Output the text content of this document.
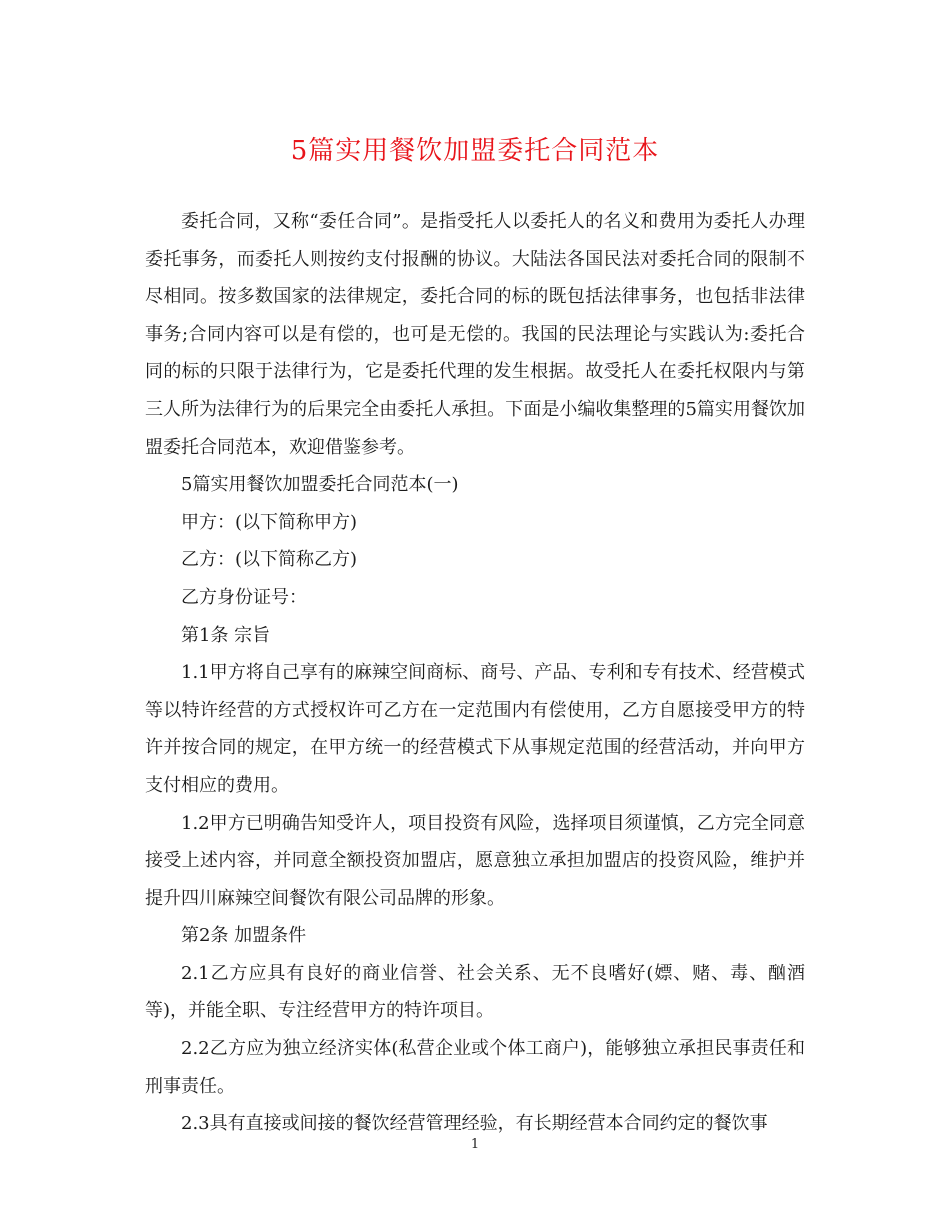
5篇实用餐饮加盟委托合同范本

委托合同，又称“委任合同”。是指受托人以委托人的名义和费用为委托人办理委托事务，而委托人则按约支付报酬的协议。大陆法各国民法对委托合同的限制不尽相同。按多数国家的法律规定，委托合同的标的既包括法律事务，也包括非法律事务;合同内容可以是有偿的，也可是无偿的。我国的民法理论与实践认为:委托合同的标的只限于法律行为，它是委托代理的发生根据。故受托人在委托权限内与第三人所为法律行为的后果完全由委托人承担。下面是小编收集整理的5篇实用餐饮加盟委托合同范本，欢迎借鉴参考。

5篇实用餐饮加盟委托合同范本(一)

甲方：(以下简称甲方)

乙方：(以下简称乙方)

乙方身份证号：

第1条 宗旨

1.1甲方将自己享有的麻辣空间商标、商号、产品、专利和专有技术、经营模式等以特许经营的方式授权许可乙方在一定范围内有偿使用，乙方自愿接受甲方的特许并按合同的规定，在甲方统一的经营模式下从事规定范围的经营活动，并向甲方支付相应的费用。

1.2甲方已明确告知受许人，项目投资有风险，选择项目须谨慎，乙方完全同意接受上述内容，并同意全额投资加盟店，愿意独立承担加盟店的投资风险，维护并提升四川麻辣空间餐饮有限公司品牌的形象。

第2条 加盟条件

2.1乙方应具有良好的商业信誉、社会关系、无不良嗜好(嫖、赌、毒、酗酒等)，并能全职、专注经营甲方的特许项目。

2.2乙方应为独立经济实体(私营企业或个体工商户)，能够独立承担民事责任和刑事责任。

2.3具有直接或间接的餐饮经营管理经验，有长期经营本合同约定的餐饮事

1
